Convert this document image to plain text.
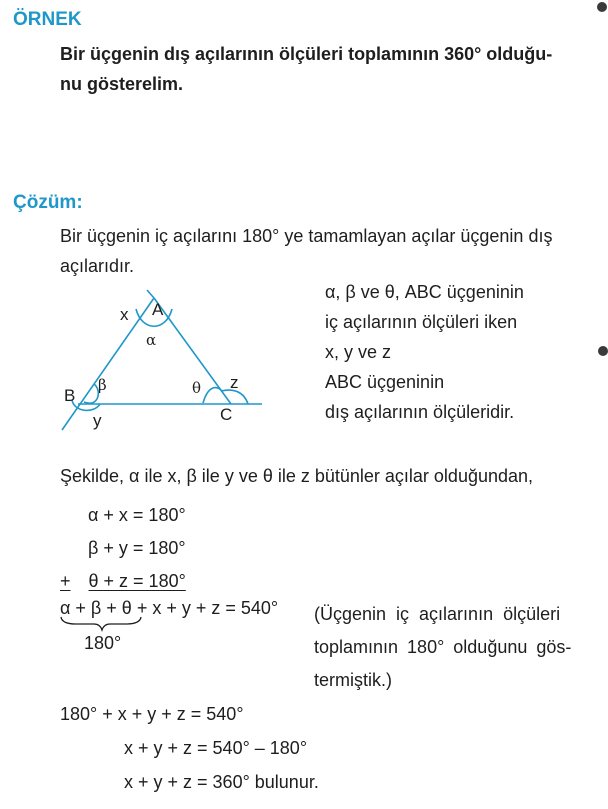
ÖRNEK
Bir üçgenin dış açılarının ölçüleri toplamının 360° olduğu-
nu gösterelim.
Çözüm:
Bir üçgenin iç açılarını 180° ye tamamlayan açılar üçgenin dış
açılarıdır.
A
x
α
B
β
y
θ z
C
α, β ve θ, ABC üçgeninin
iç açılarının ölçüleri iken
x, y ve z
ABC üçgeninin
dış açılarının ölçüleridir.
Şekilde, α ile x, β ile y ve θ ile z bütünler açılar olduğundan,
α + x = 180°
β + y = 180°
+ θ + z = 180°
α + β + θ + x + y + z = 540°
180°
(Üçgenin iç açılarının ölçüleri
toplamının 180° olduğunu gös-
termiştik.)
180° + x + y + z = 540°
x + y + z = 540° – 180°
x + y + z = 360° bulunur.
